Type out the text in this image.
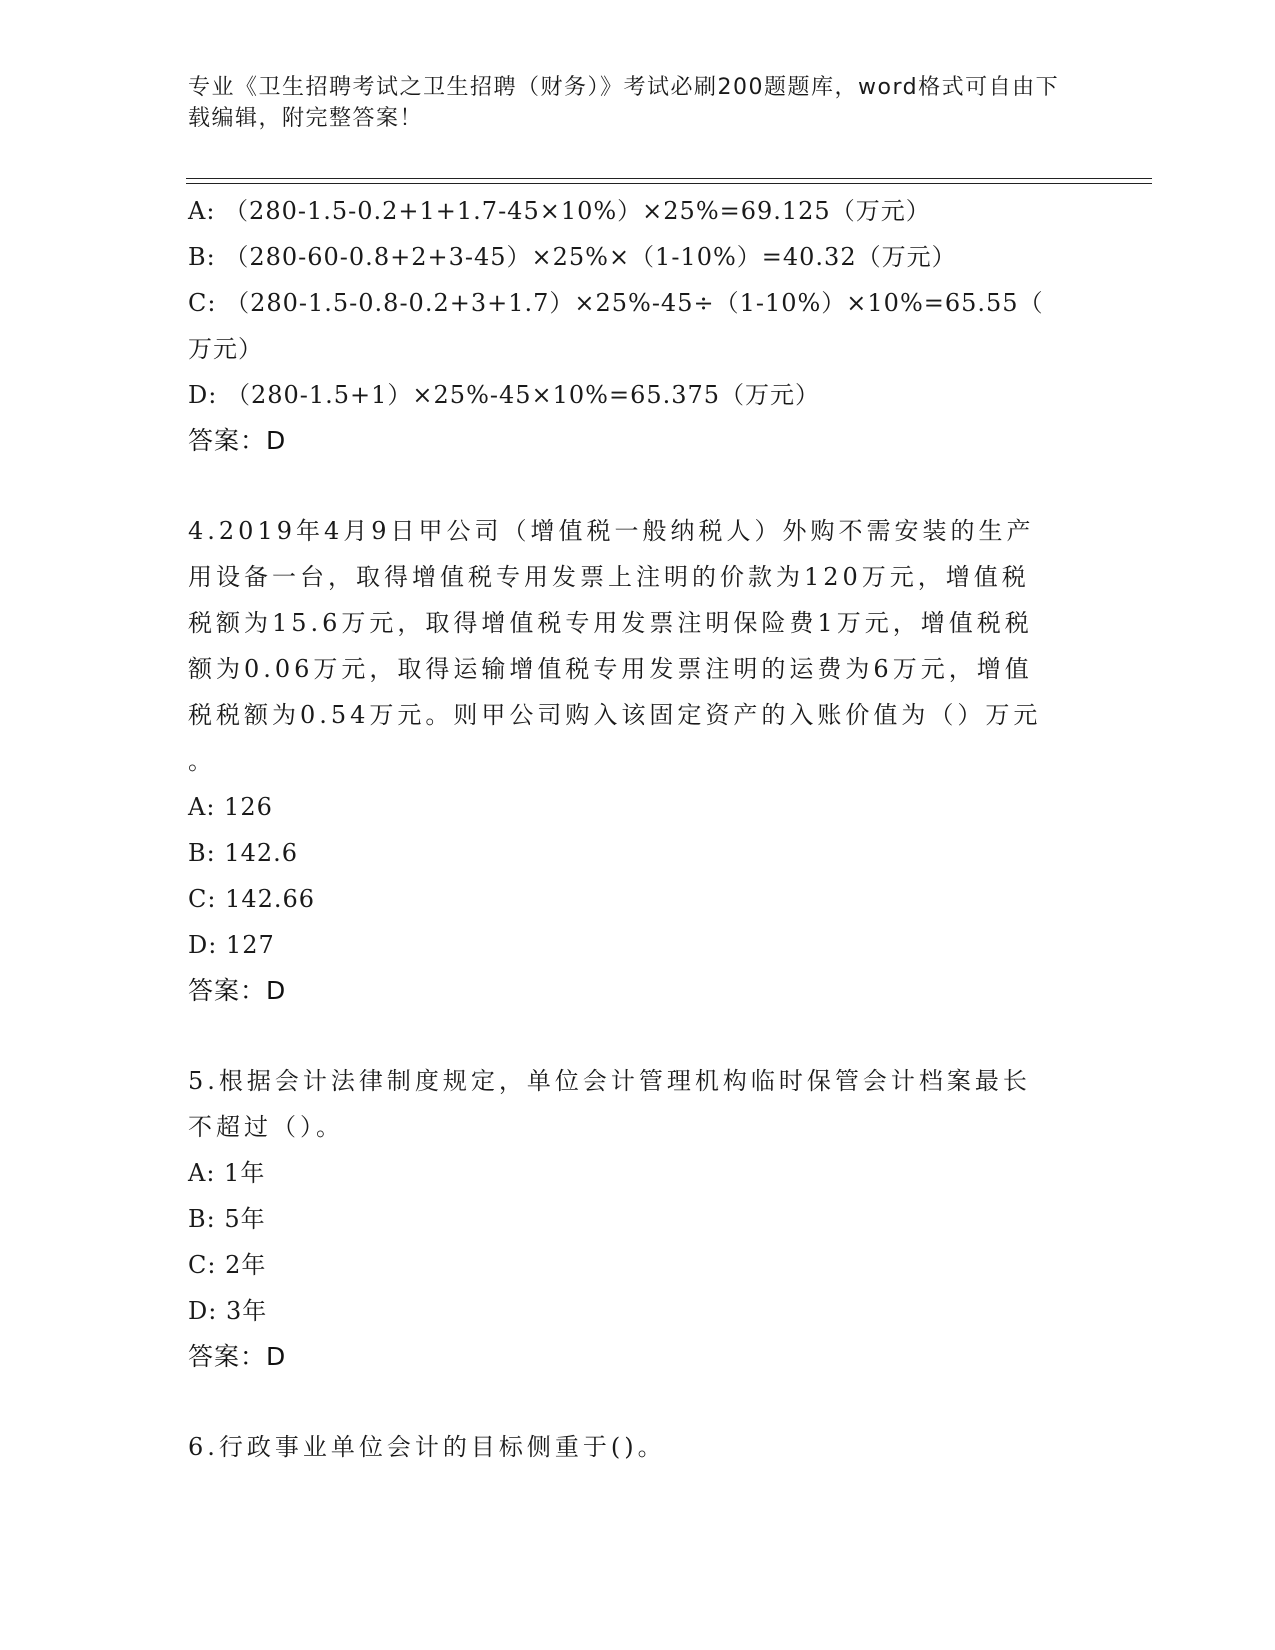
专业《卫生招聘考试之卫生招聘（财务）》考试必刷200题题库，word格式可自由下载编辑，附完整答案！
A: （280-1.5-0.2+1+1.7-45×10%）×25%=69.125（万元）
B: （280-60-0.8+2+3-45）×25%×（1-10%）=40.32（万元）
C: （280-1.5-0.8-0.2+3+1.7）×25%-45÷（1-10%）×10%=65.55（
万元）
D: （280-1.5+1）×25%-45×10%=65.375（万元）
答案：D
4.2019年4月9日甲公司（增值税一般纳税人）外购不需安装的生产
用设备一台，取得增值税专用发票上注明的价款为120万元，增值税
税额为15.6万元，取得增值税专用发票注明保险费1万元，增值税税
额为0.06万元，取得运输增值税专用发票注明的运费为6万元，增值
税税额为0.54万元。则甲公司购入该固定资产的入账价值为（）万元
。
A: 126
B: 142.6
C: 142.66
D: 127
答案：D
5.根据会计法律制度规定，单位会计管理机构临时保管会计档案最长
不超过（）。
A: 1年
B: 5年
C: 2年
D: 3年
答案：D
6.行政事业单位会计的目标侧重于()。
